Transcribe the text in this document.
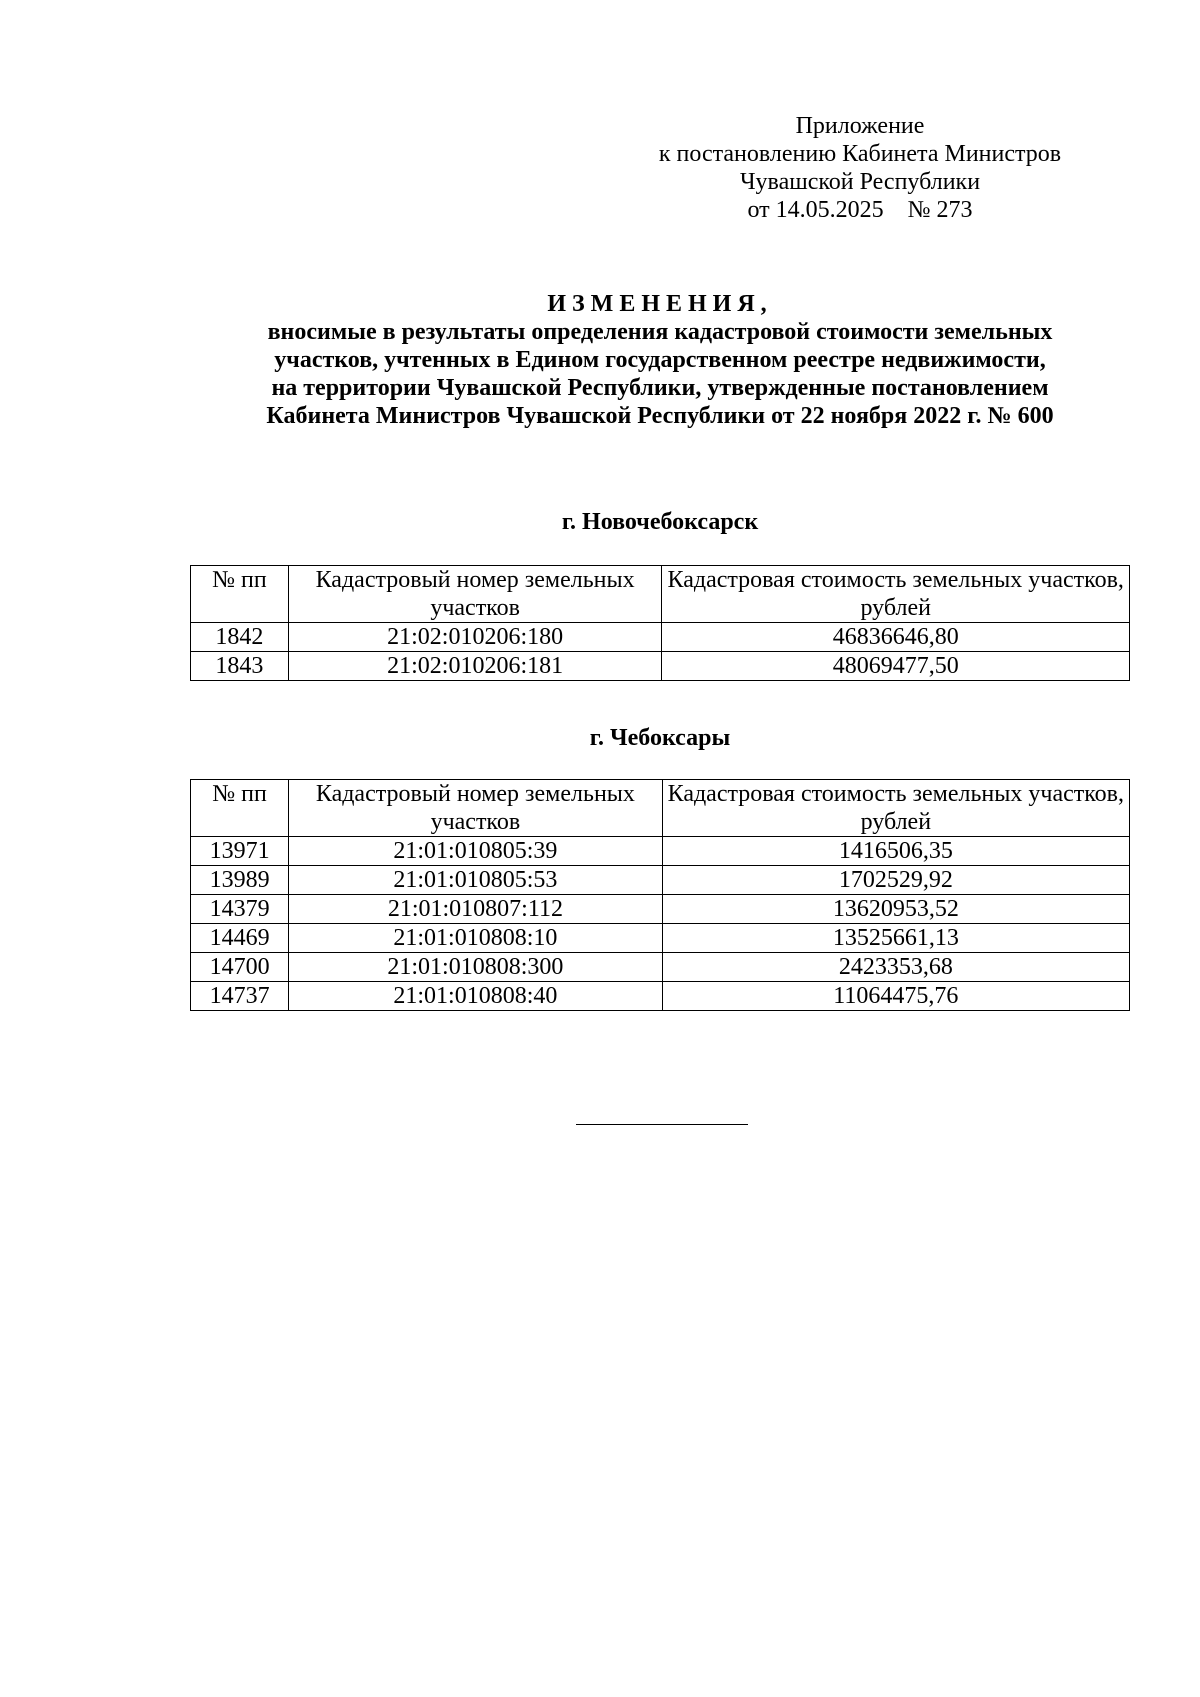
Приложение
к постановлению Кабинета Министров
Чувашской Республики
от 14.05.2025    № 273
ИЗМЕНЕНИЯ,
вносимые в результаты определения кадастровой стоимости земельных
участков, учтенных в Едином государственном реестре недвижимости,
на территории Чувашской Республики, утвержденные постановлением
Кабинета Министров Чувашской Республики от 22 ноября 2022 г. № 600
г. Новочебоксарск
№ пп	Кадастровый номер земельных участков	Кадастровая стоимость земельных участков, рублей
1842	21:02:010206:180	46836646,80
1843	21:02:010206:181	48069477,50
г. Чебоксары
№ пп	Кадастровый номер земельных участков	Кадастровая стоимость земельных участков, рублей
13971	21:01:010805:39	1416506,35
13989	21:01:010805:53	1702529,92
14379	21:01:010807:112	13620953,52
14469	21:01:010808:10	13525661,13
14700	21:01:010808:300	2423353,68
14737	21:01:010808:40	11064475,76
